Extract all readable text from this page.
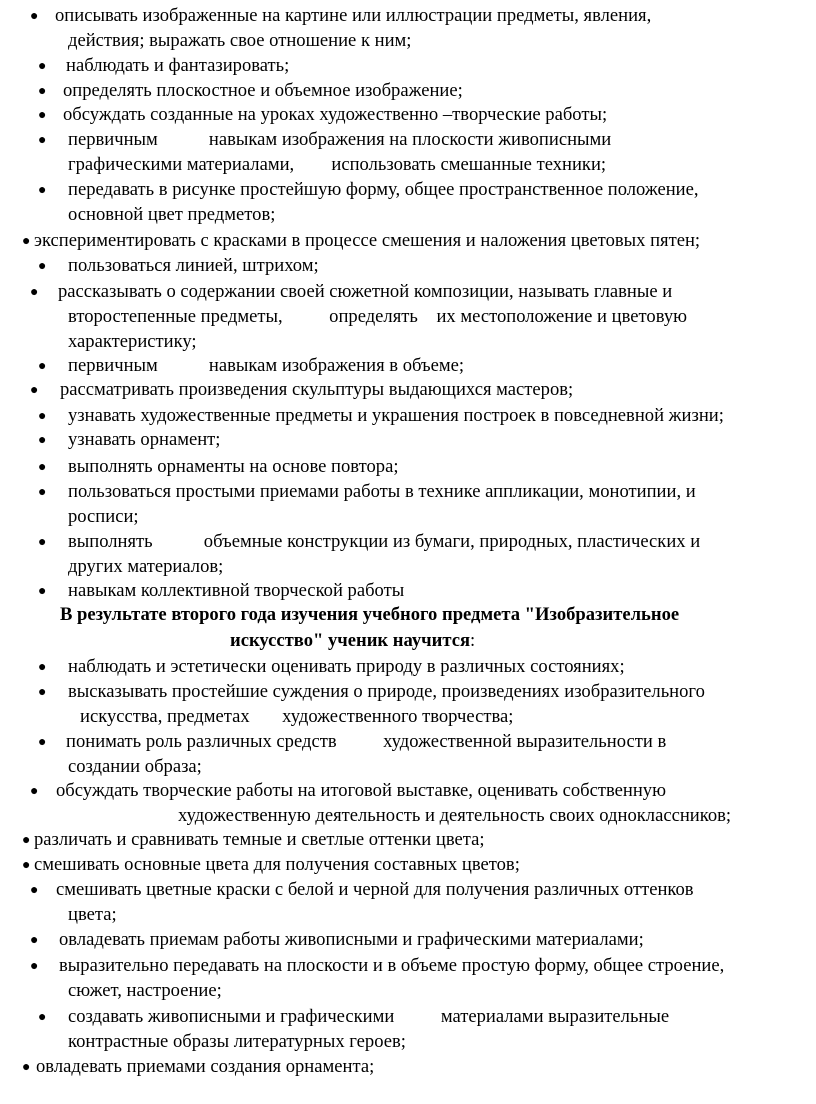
● описывать изображенные на картине или иллюстрации предметы, явления,
действия; выражать свое отношение к ним;
● наблюдать и фантазировать;
● определять плоскостное и объемное изображение;
● обсуждать созданные на уроках художественно –творческие работы;
● первичным           навыкам изображения на плоскости живописными
графическими материалами,        использовать смешанные техники;
● передавать в рисунке простейшую форму, общее пространственное положение,
основной цвет предметов;
● экспериментировать с красками в процессе смешения и наложения цветовых пятен;
● пользоваться линией, штрихом;
● рассказывать о содержании своей сюжетной композиции, называть главные и
второстепенные предметы,          определять    их местоположение и цветовую
характеристику;
● первичным           навыкам изображения в объеме;
● рассматривать произведения скульптуры выдающихся мастеров;
● узнавать художественные предметы и украшения построек в повседневной жизни;
● узнавать орнамент;
● выполнять орнаменты на основе повтора;
● пользоваться простыми приемами работы в технике аппликации, монотипии, и
росписи;
● выполнять           объемные конструкции из бумаги, природных, пластических и
других материалов;
● навыкам коллективной творческой работы
В результате второго года изучения учебного предмета "Изобразительное
искусство" ученик научится:
● наблюдать и эстетически оценивать природу в различных состояниях;
● высказывать простейшие суждения о природе, произведениях изобразительного
искусства, предметах       художественного творчества;
● понимать роль различных средств          художественной выразительности в
создании образа;
● обсуждать творческие работы на итоговой выставке, оценивать собственную
художественную деятельность и деятельность своих одноклассников;
● различать и сравнивать темные и светлые оттенки цвета;
● смешивать основные цвета для получения составных цветов;
● смешивать цветные краски с белой и черной для получения различных оттенков
цвета;
● овладевать приемам работы живописными и графическими материалами;
● выразительно передавать на плоскости и в объеме простую форму, общее строение,
сюжет, настроение;
● создавать живописными и графическими          материалами выразительные
контрастные образы литературных героев;
● овладевать приемами создания орнамента;
